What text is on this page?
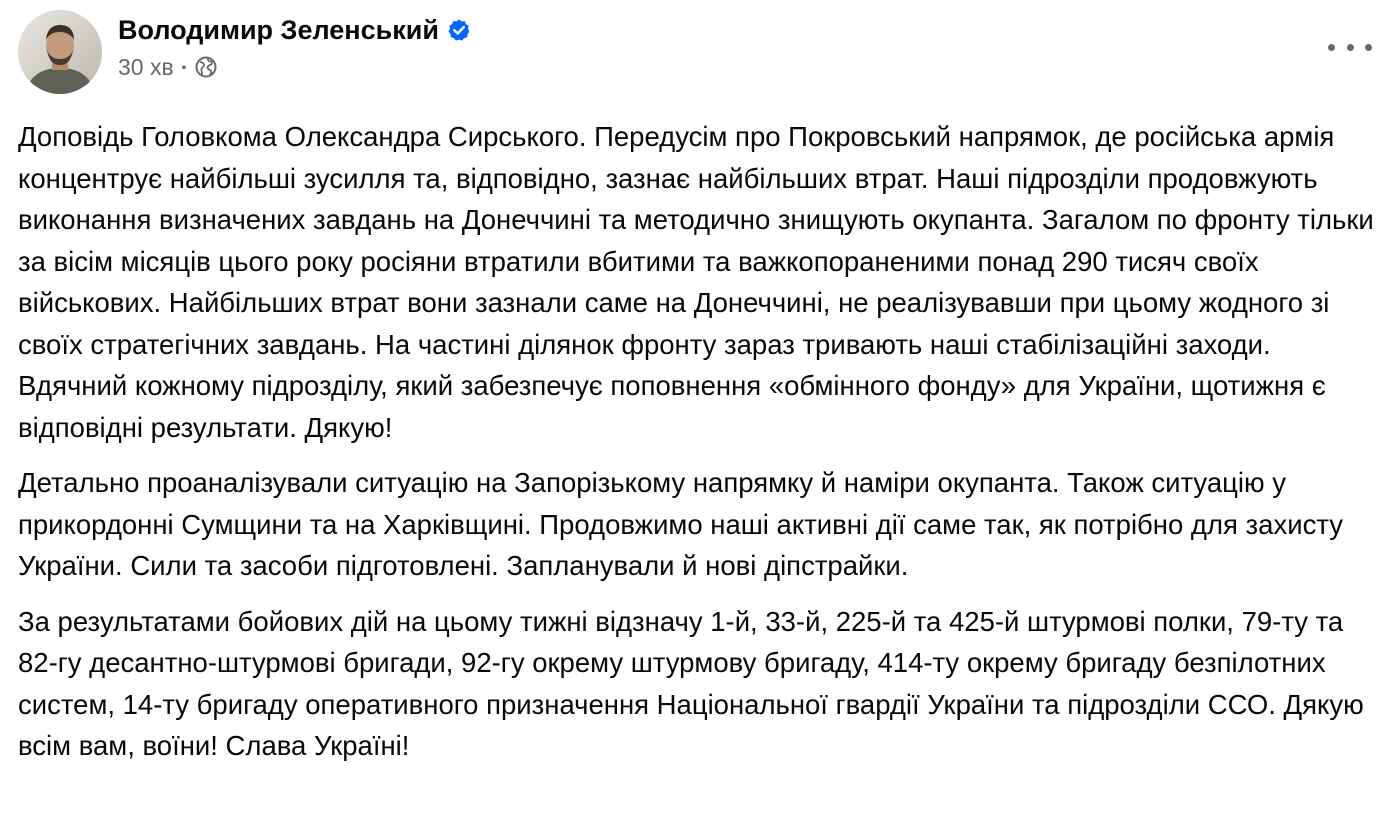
Володимир Зеленський
30 хв ·

Доповідь Головкома Олександра Сирського. Передусім про Покровський напрямок, де російська армія концентрує найбільші зусилля та, відповідно, зазнає найбільших втрат. Наші підрозділи продовжують виконання визначених завдань на Донеччині та методично знищують окупанта. Загалом по фронту тільки за вісім місяців цього року росіяни втратили вбитими та важкопораненими понад 290 тисяч своїх військових. Найбільших втрат вони зазнали саме на Донеччині, не реалізувавши при цьому жодного зі своїх стратегічних завдань. На частині ділянок фронту зараз тривають наші стабілізаційні заходи. Вдячний кожному підрозділу, який забезпечує поповнення «обмінного фонду» для України, щотижня є відповідні результати. Дякую!

Детально проаналізували ситуацію на Запорізькому напрямку й наміри окупанта. Також ситуацію у прикордонні Сумщини та на Харківщині. Продовжимо наші активні дії саме так, як потрібно для захисту України. Сили та засоби підготовлені. Запланували й нові діпстрайки.

За результатами бойових дій на цьому тижні відзначу 1-й, 33-й, 225-й та 425-й штурмові полки, 79-ту та 82-гу десантно-штурмові бригади, 92-гу окрему штурмову бригаду, 414-ту окрему бригаду безпілотних систем, 14-ту бригаду оперативного призначення Національної гвардії України та підрозділи ССО. Дякую всім вам, воїни! Слава Україні!
